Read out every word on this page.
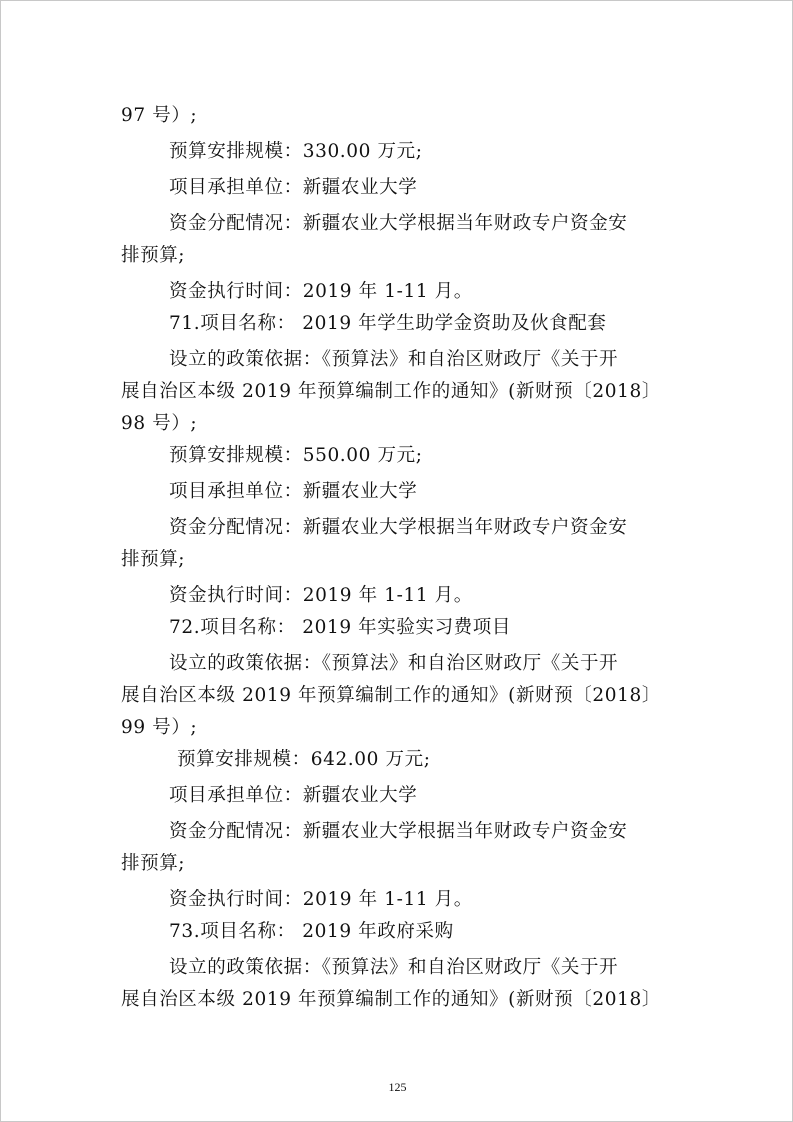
97 号）;
预算安排规模：330.00 万元;
项目承担单位：新疆农业大学
资金分配情况：新疆农业大学根据当年财政专户资金安
排预算;
资金执行时间：2019 年 1-11 月。
71.项目名称： 2019 年学生助学金资助及伙食配套
设立的政策依据：《预算法》和自治区财政厅《关于开
展自治区本级 2019 年预算编制工作的通知》(新财预〔2018〕
98 号）;
预算安排规模：550.00 万元;
项目承担单位：新疆农业大学
资金分配情况：新疆农业大学根据当年财政专户资金安
排预算;
资金执行时间：2019 年 1-11 月。
72.项目名称： 2019 年实验实习费项目
设立的政策依据：《预算法》和自治区财政厅《关于开
展自治区本级 2019 年预算编制工作的通知》(新财预〔2018〕
99 号）;
预算安排规模：642.00 万元;
项目承担单位：新疆农业大学
资金分配情况：新疆农业大学根据当年财政专户资金安
排预算;
资金执行时间：2019 年 1-11 月。
73.项目名称： 2019 年政府采购
设立的政策依据：《预算法》和自治区财政厅《关于开
展自治区本级 2019 年预算编制工作的通知》(新财预〔2018〕
125
